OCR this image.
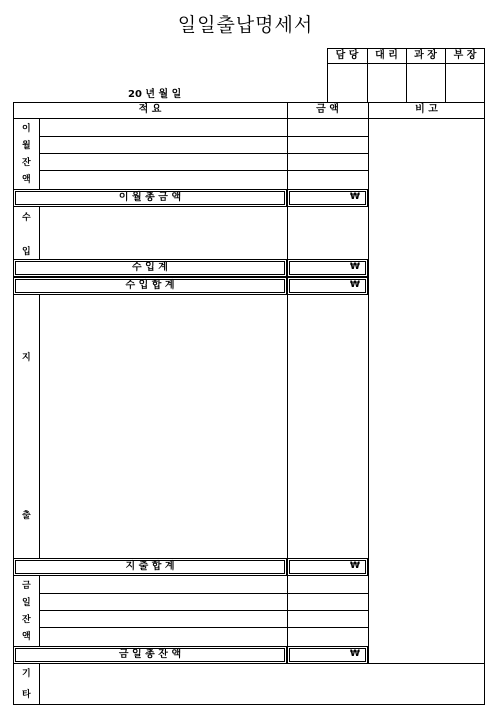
일일출납명세서
담 당	대 리	과 장	부 장
20 년 월 일
적 요	금 액	비 고
이
월
잔
액
이 월 총 금 액	₩
수
입
수 입 계	₩
수 입 합 계	₩
지
출
지 출 합 계	₩
금
일
잔
액
금 일 총 잔 액	₩
기
타
